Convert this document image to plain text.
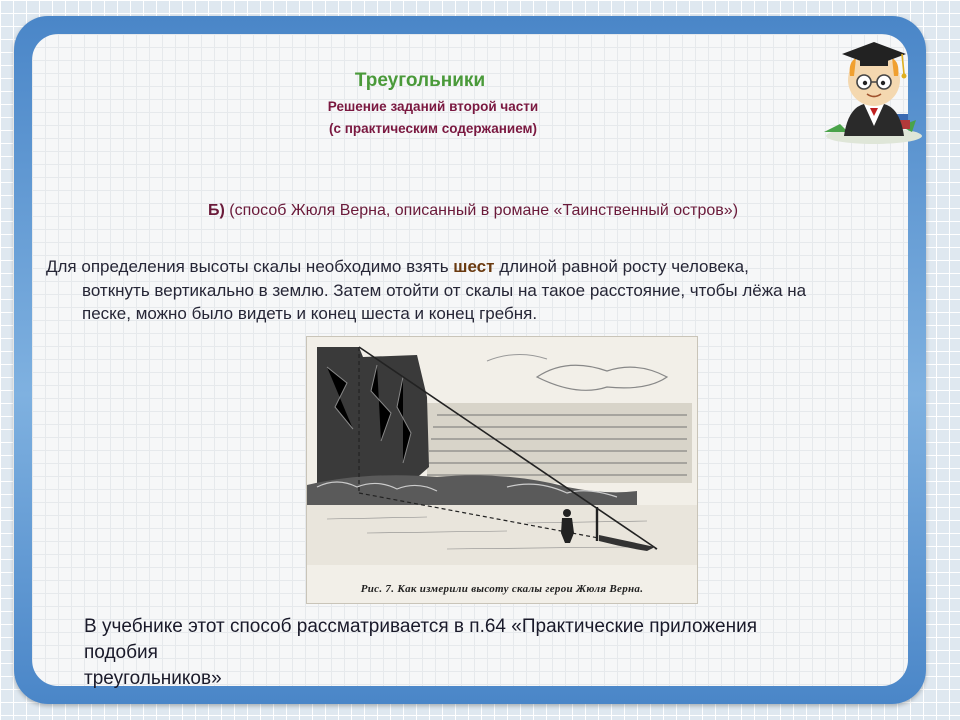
Треугольники
Решение заданий второй части
(с практическим содержанием)
Б) (способ Жюля Верна, описанный в романе «Таинственный остров»)
Для определения высоты скалы необходимо взять шест длиной равной росту человека,
воткнуть вертикально в землю. Затем отойти от скалы на такое расстояние, чтобы лёжа на
песке, можно было видеть и конец шеста и конец гребня.
Рис. 7. Как измерили высоту скалы герои Жюля Верна.
В учебнике этот способ рассматривается в п.64 «Практические приложения
подобия
треугольников»
